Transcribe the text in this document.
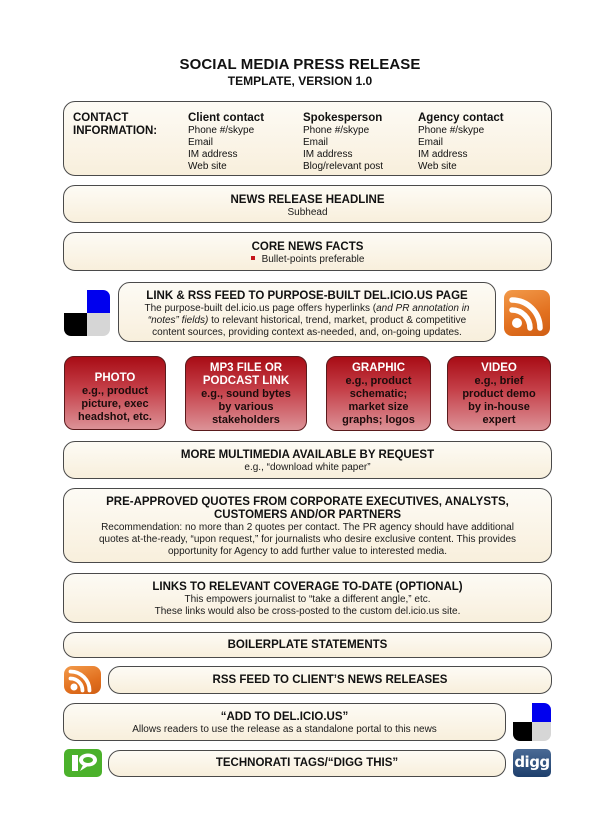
SOCIAL MEDIA PRESS RELEASE
TEMPLATE, VERSION 1.0
CONTACT
INFORMATION:
Client contact
Phone #/skype
Email
IM address
Web site
Spokesperson
Phone #/skype
Email
IM address
Blog/relevant post
Agency contact
Phone #/skype
Email
IM address
Web site
NEWS RELEASE HEADLINE
Subhead
CORE NEWS FACTS
Bullet-points preferable
LINK & RSS FEED TO PURPOSE-BUILT DEL.ICIO.US PAGE
The purpose-built del.icio.us page offers hyperlinks (and PR annotation in
“notes” fields) to relevant historical, trend, market, product & competitive
content sources, providing context as-needed, and, on-going updates.
PHOTO
e.g., product
picture, exec
headshot, etc.
MP3 FILE OR
PODCAST LINK
e.g., sound bytes
by various
stakeholders
GRAPHIC
e.g., product
schematic;
market size
graphs; logos
VIDEO
e.g., brief
product demo
by in-house
expert
MORE MULTIMEDIA AVAILABLE BY REQUEST
e.g., “download white paper”
PRE-APPROVED QUOTES FROM CORPORATE EXECUTIVES, ANALYSTS,
CUSTOMERS AND/OR PARTNERS
Recommendation: no more than 2 quotes per contact. The PR agency should have additional
quotes at-the-ready, “upon request,” for journalists who desire exclusive content. This provides
opportunity for Agency to add further value to interested media.
LINKS TO RELEVANT COVERAGE TO-DATE (OPTIONAL)
This empowers journalist to “take a different angle,” etc.
These links would also be cross-posted to the custom del.icio.us site.
BOILERPLATE STATEMENTS
RSS FEED TO CLIENT’S NEWS RELEASES
“ADD TO DEL.ICIO.US”
Allows readers to use the release as a standalone portal to this news
TECHNORATI TAGS/“DIGG THIS”	digg
